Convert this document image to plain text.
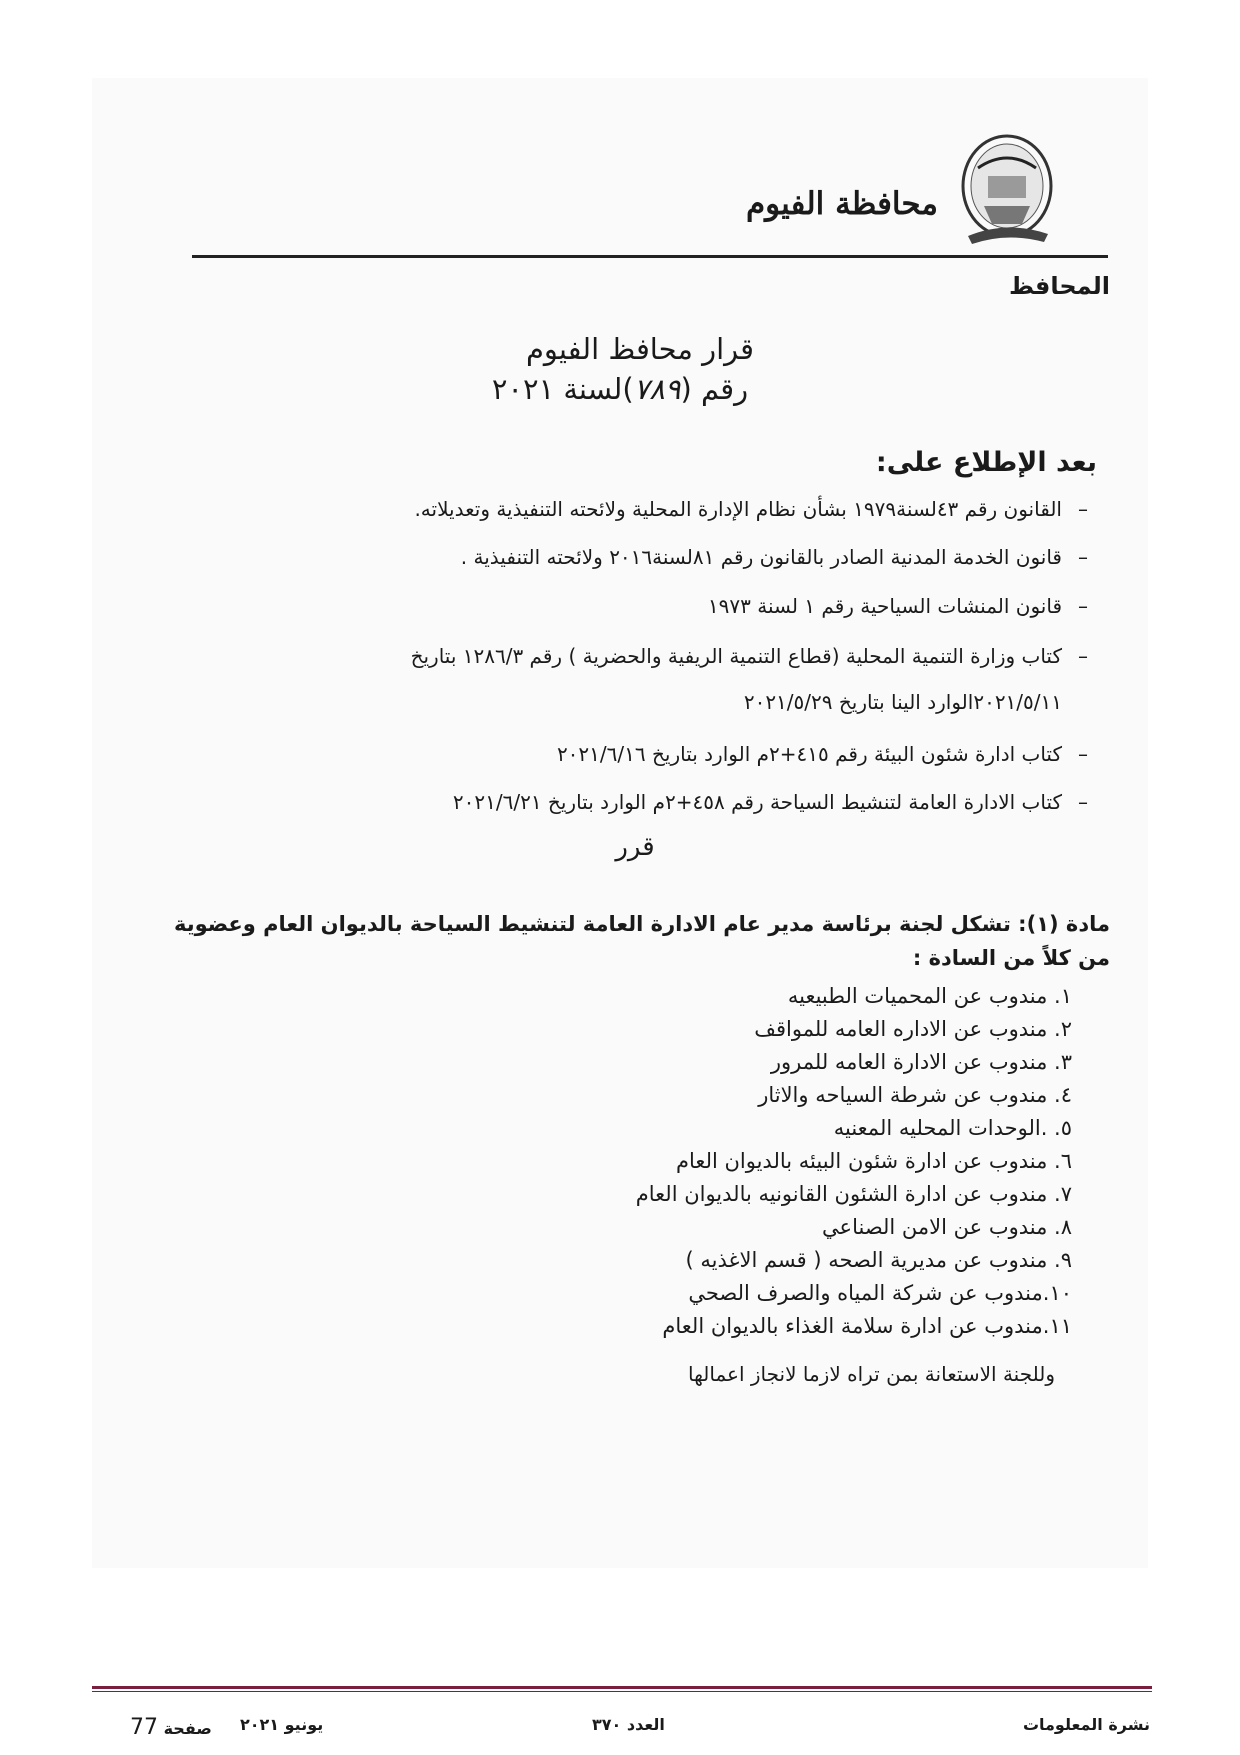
محافظة الفيوم
المحافظ
قرار محافظ الفيوم
رقم (٧٨٩)لسنة ٢٠٢١
بعد الإطلاع على:
–
القانون رقم ٤٣لسنة١٩٧٩ بشأن نظام الإدارة المحلية ولائحته التنفيذية وتعديلاته.
–
قانون الخدمة المدنية الصادر بالقانون رقم ٨١لسنة٢٠١٦ ولائحته التنفيذية .
–
قانون المنشات السياحية رقم ١ لسنة ١٩٧٣
–
كتاب وزارة التنمية المحلية (قطاع التنمية الريفية والحضرية ) رقم ١٢٨٦/٣ بتاريخ
٢٠٢١/٥/١١الوارد الينا بتاريخ ٢٠٢١/٥/٢٩
–
كتاب ادارة شئون البيئة رقم ٤١٥+٢م الوارد بتاريخ ٢٠٢١/٦/١٦
–
كتاب الادارة العامة لتنشيط السياحة رقم ٤٥٨+٢م الوارد بتاريخ ٢٠٢١/٦/٢١
قرر
مادة (١): تشكل لجنة برئاسة مدير عام الادارة العامة لتنشيط السياحة بالديوان العام وعضوية
من كلاً من السادة :
١. مندوب عن المحميات الطبيعيه
٢. مندوب عن الاداره العامه للمواقف
٣. مندوب عن الادارة العامه للمرور
٤. مندوب عن شرطة السياحه والاثار
٥. .الوحدات المحليه المعنيه
٦. مندوب عن ادارة شئون البيئه بالديوان العام
٧. مندوب عن ادارة الشئون القانونيه بالديوان العام
٨. مندوب عن الامن الصناعي
٩. مندوب عن مديرية الصحه ( قسم الاغذيه )
١٠.مندوب عن شركة المياه والصرف الصحي
١١.مندوب عن ادارة سلامة الغذاء بالديوان العام
وللجنة الاستعانة بمن تراه لازما لانجاز اعمالها
نشرة المعلومات
العدد ٣٧٠
يونيو ٢٠٢١
صفحة 77
